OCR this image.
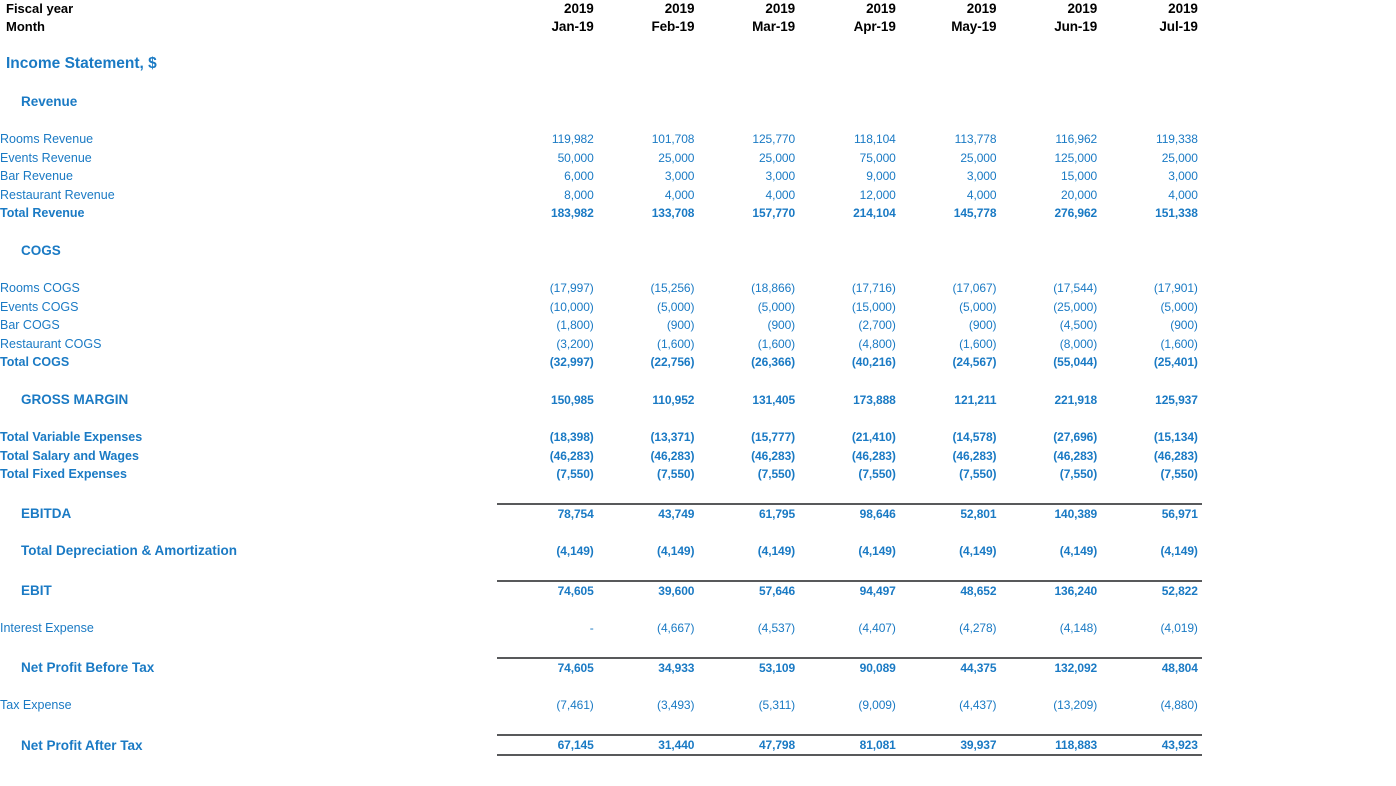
Fiscal year	2019	2019	2019	2019	2019	2019	2019
Month	Jan-19	Feb-19	Mar-19	Apr-19	May-19	Jun-19	Jul-19

Income Statement, $							

Revenue							

Rooms Revenue	119,982	101,708	125,770	118,104	113,778	116,962	119,338
Events Revenue	50,000	25,000	25,000	75,000	25,000	125,000	25,000
Bar Revenue	6,000	3,000	3,000	9,000	3,000	15,000	3,000
Restaurant Revenue	8,000	4,000	4,000	12,000	4,000	20,000	4,000
Total Revenue	183,982	133,708	157,770	214,104	145,778	276,962	151,338

COGS							

Rooms COGS	(17,997)	(15,256)	(18,866)	(17,716)	(17,067)	(17,544)	(17,901)
Events COGS	(10,000)	(5,000)	(5,000)	(15,000)	(5,000)	(25,000)	(5,000)
Bar COGS	(1,800)	(900)	(900)	(2,700)	(900)	(4,500)	(900)
Restaurant COGS	(3,200)	(1,600)	(1,600)	(4,800)	(1,600)	(8,000)	(1,600)
Total COGS	(32,997)	(22,756)	(26,366)	(40,216)	(24,567)	(55,044)	(25,401)

GROSS MARGIN	150,985	110,952	131,405	173,888	121,211	221,918	125,937

Total Variable Expenses	(18,398)	(13,371)	(15,777)	(21,410)	(14,578)	(27,696)	(15,134)
Total Salary and Wages	(46,283)	(46,283)	(46,283)	(46,283)	(46,283)	(46,283)	(46,283)
Total Fixed Expenses	(7,550)	(7,550)	(7,550)	(7,550)	(7,550)	(7,550)	(7,550)

EBITDA	78,754	43,749	61,795	98,646	52,801	140,389	56,971

Total Depreciation & Amortization	(4,149)	(4,149)	(4,149)	(4,149)	(4,149)	(4,149)	(4,149)

EBIT	74,605	39,600	57,646	94,497	48,652	136,240	52,822

Interest Expense	-	(4,667)	(4,537)	(4,407)	(4,278)	(4,148)	(4,019)

Net Profit Before Tax	74,605	34,933	53,109	90,089	44,375	132,092	48,804

Tax Expense	(7,461)	(3,493)	(5,311)	(9,009)	(4,437)	(13,209)	(4,880)

Net Profit After Tax	67,145	31,440	47,798	81,081	39,937	118,883	43,923
